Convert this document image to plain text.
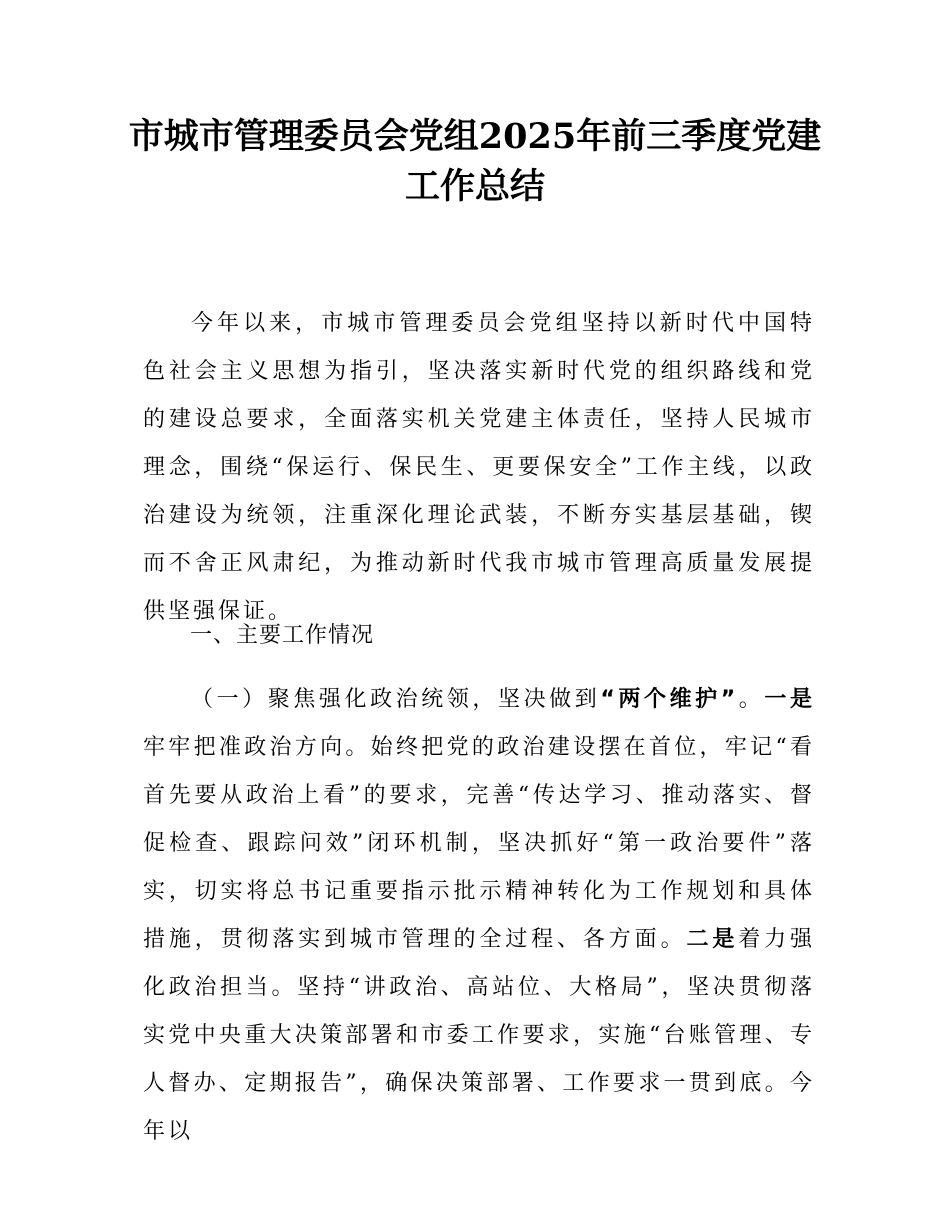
市城市管理委员会党组2025年前三季度党建
工作总结

今年以来，市城市管理委员会党组坚持以新时代中国特色社会主义思想为指引，坚决落实新时代党的组织路线和党的建设总要求，全面落实机关党建主体责任，坚持人民城市理念，围绕“保运行、保民生、更要保安全”工作主线，以政治建设为统领，注重深化理论武装，不断夯实基层基础，锲而不舍正风肃纪，为推动新时代我市城市管理高质量发展提供坚强保证。

一、主要工作情况

（一）聚焦强化政治统领，坚决做到“两个维护”。一是牢牢把准政治方向。始终把党的政治建设摆在首位，牢记“看首先要从政治上看”的要求，完善“传达学习、推动落实、督促检查、跟踪问效”闭环机制，坚决抓好“第一政治要件”落实，切实将总书记重要指示批示精神转化为工作规划和具体措施，贯彻落实到城市管理的全过程、各方面。二是着力强化政治担当。坚持“讲政治、高站位、大格局”，坚决贯彻落实党中央重大决策部署和市委工作要求，实施“台账管理、专人督办、定期报告”，确保决策部署、工作要求一贯到底。今年以
